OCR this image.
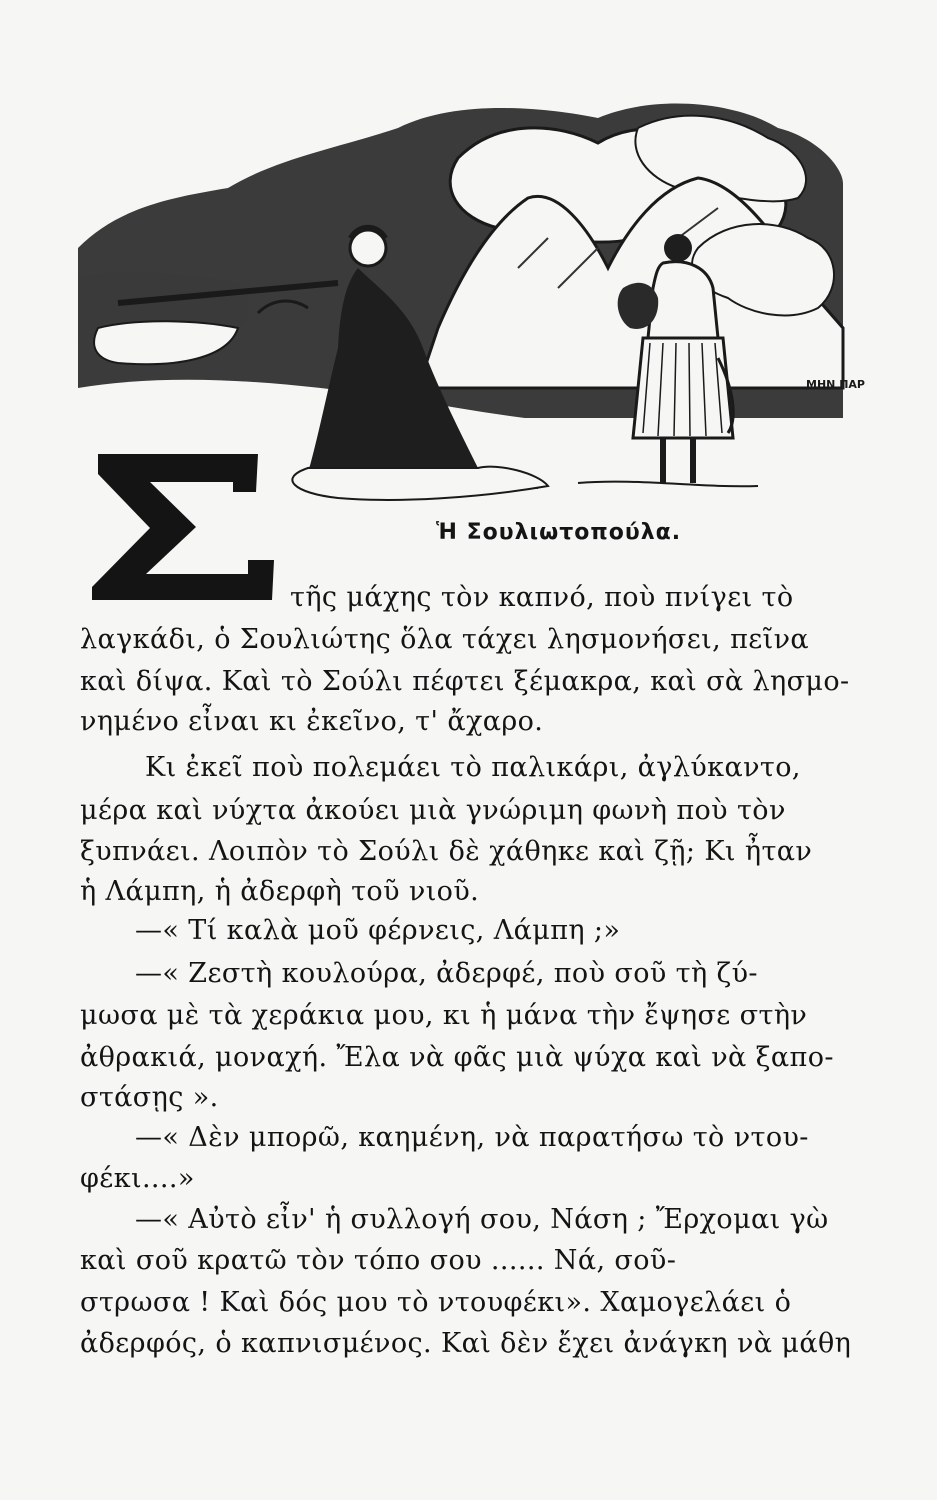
ΜΗΝ ΠΑΡ
Ἡ Σουλιωτοπούλα.
τῆς μάχης τὸν καπνό, ποὺ πνίγει τὸ
λαγκάδι, ὁ Σουλιώτης ὅλα τάχει λησμονήσει, πεῖνα
καὶ δίψα. Καὶ τὸ Σούλι πέφτει ξέμακρα, καὶ σὰ λησμο-
νημένο εἶναι κι ἐκεῖνο, τ' ἄχαρο.
Κι ἐκεῖ ποὺ πολεμάει τὸ παλικάρι, ἀγλύκαντο,
μέρα καὶ νύχτα ἀκούει μιὰ γνώριμη φωνὴ ποὺ τὸν
ξυπνάει. Λοιπὸν τὸ Σούλι δὲ χάθηκε καὶ ζῇ; Κι ἦταν
ἡ Λάμπη, ἡ ἀδερφὴ τοῦ νιοῦ.
—« Τί καλὰ μοῦ φέρνεις, Λάμπη ;»
—« Ζεστὴ κουλούρα, ἀδερφέ, ποὺ σοῦ τὴ ζύ-
μωσα μὲ τὰ χεράκια μου, κι ἡ μάνα τὴν ἔψησε στὴν
ἀθρακιά, μοναχή. Ἔλα νὰ φᾶς μιὰ ψύχα καὶ νὰ ξαπο-
στάσῃς ».
—« Δὲν μπορῶ, καημένη, νὰ παρατήσω τὸ ντου-
φέκι....»
—« Αὐτὸ εἶν' ἡ συλλογή σου, Νάση ; Ἔρχομαι γὼ
καὶ σοῦ κρατῶ τὸν τόπο σου ...... Νά, σοῦ-
στρωσα ! Καὶ δός μου τὸ ντουφέκι». Χαμογελάει ὁ
ἀδερφός, ὁ καπνισμένος. Καὶ δὲν ἔχει ἀνάγκη νὰ μάθη
